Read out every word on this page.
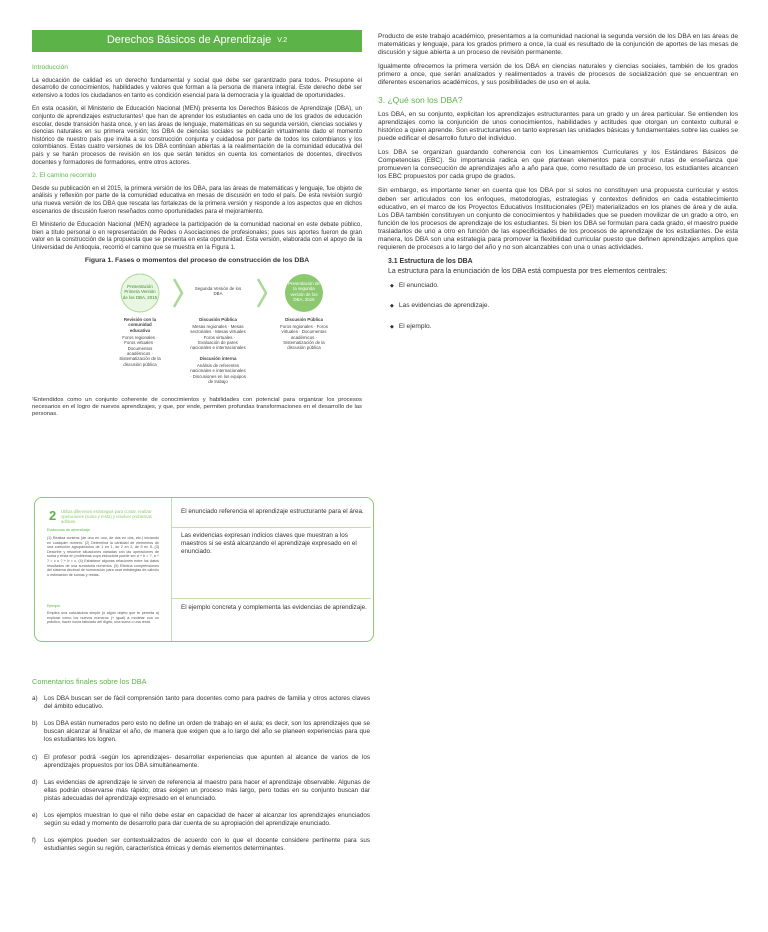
Derechos Básicos de Aprendizaje V.2
Introducción

La educación de calidad es un derecho fundamental y social que debe ser garantizado para todos. Presupone el desarrollo de conocimientos, habilidades y valores que forman a la persona de manera integral. Este derecho debe ser extensivo a todos los ciudadanos en tanto es condición esencial para la democracia y la igualdad de oportunidades.

En esta ocasión, el Ministerio de Educación Nacional (MEN) presenta los Derechos Básicos de Aprendizaje (DBA), un conjunto de aprendizajes estructurantes¹ que han de aprender los estudiantes en cada uno de los grados de educación escolar, desde transición hasta once, y en las áreas de lenguaje, matemáticas en su segunda versión, ciencias sociales y ciencias naturales en su primera versión; los DBA de ciencias sociales se publicarán virtualmente dado el momento histórico de nuestro país que invita a su construcción conjunta y cuidadosa por parte de todos los colombianos y los colombianos. Estas cuatro versiones de los DBA continúan abiertas a la realimentación de la comunidad educativa del país y se harán procesos de revisión en los que serán tenidos en cuenta los comentarios de docentes, directivos docentes y formadores de formadores, entre otros actores.

2. El camino recorrido

Desde su publicación en el 2015, la primera versión de los DBA, para las áreas de matemáticas y lenguaje, fue objeto de análisis y reflexión por parte de la comunidad educativa en mesas de discusión en todo el país. De esta revisión surgió una nueva versión de los DBA que rescata las fortalezas de la primera versión y responde a los aspectos que en dichos escenarios de discusión fueron reseñados como oportunidades para el mejoramiento.

El Ministerio de Educación Nacional (MEN) agradece la participación de la comunidad nacional en este debate público, bien a título personal o en representación de Redes o Asociaciones de profesionales; pues sus aportes fueron de gran valor en la construcción de la propuesta que se presenta en esta oportunidad. Esta versión, elaborada con el apoyo de la Universidad de Antioquia, recorrió el camino que se muestra en la Figura 1.

Figura 1. Fases o momentos del proceso de construcción de los DBA
Presentación Primera Versión de los DBA, 2015
Segunda Versión de los DBA
Presentación de la segunda versión de los DBA, 2016
Revisión con la comunidad educativa
Foros regionales · Foros virtuales · Documentos académicos · Sistematización de la discusión pública
Discusión Pública
Mesas regionales · Mesas sectoriales · Mesas virtuales · Foros virtuales · Evaluación de pares nacionales e internacionales
Discusión interna
Análisis de referentes nacionales e internacionales · Discusiones en los equipos de trabajo
Discusión Pública
Foros regionales · Foros virtuales · Documentos académicos · Sistematización de la discusión pública
¹Entendidos como un conjunto coherente de conocimientos y habilidades con potencial para organizar los procesos necesarios en el logro de nuevos aprendizajes, y que, por ende, permiten profundas transformaciones en el desarrollo de las personas.

Producto de este trabajo académico, presentamos a la comunidad nacional la segunda versión de los DBA en las áreas de matemáticas y lenguaje, para los grados primero a once, la cual es resultado de la conjunción de aportes de las mesas de discusión y sigue abierta a un proceso de revisión permanente.

Igualmente ofrecemos la primera versión de los DBA en ciencias naturales y ciencias sociales, también de los grados primero a once, que serán analizados y realimentados a través de procesos de socialización que se encuentran en diferentes escenarios académicos, y sus posibilidades de uso en el aula.

3. ¿Qué son los DBA?

Los DBA, en su conjunto, explicitan los aprendizajes estructurantes para un grado y un área particular. Se entienden los aprendizajes como la conjunción de unos conocimientos, habilidades y actitudes que otorgan un contexto cultural e histórico a quien aprende. Son estructurantes en tanto expresan las unidades básicas y fundamentales sobre las cuales se puede edificar el desarrollo futuro del individuo.

Los DBA se organizan guardando coherencia con los Lineamientos Curriculares y los Estándares Básicos de Competencias (EBC). Su importancia radica en que plantean elementos para construir rutas de enseñanza que promueven la consecución de aprendizajes año a año para que, como resultado de un proceso, los estudiantes alcancen los EBC propuestos por cada grupo de grados.

Sin embargo, es importante tener en cuenta que los DBA por sí solos no constituyen una propuesta curricular y estos deben ser articulados con los enfoques, metodologías, estrategias y contextos definidos en cada establecimiento educativo, en el marco de los Proyectos Educativos Institucionales (PEI) materializados en los planes de área y de aula. Los DBA también constituyen un conjunto de conocimientos y habilidades que se pueden movilizar de un grado a otro, en función de los procesos de aprendizaje de los estudiantes. Si bien los DBA se formulan para cada grado, el maestro puede trasladarlos de uno a otro en función de las especificidades de los procesos de aprendizaje de los estudiantes. De esta manera, los DBA son una estrategia para promover la flexibilidad curricular puesto que definen aprendizajes amplios que requieren de procesos a lo largo del año y no son alcanzables con una o unas actividades.

3.1 Estructura de los DBA
La estructura para la enunciación de los DBA está compuesta por tres elementos centrales:
◆ El enunciado.
◆ Las evidencias de aprendizaje.
◆ El ejemplo.
2 Utiliza diferentes estrategias para contar, realizar operaciones (suma y resta) y resolver problemas aditivos.
Evidencias de aprendizaje
(1) Realiza conteos (de uno en uno, de dos en dos, etc.) iniciando en cualquier número. (2) Determina la cantidad de elementos de una colección agrupándolos de 1 en 1, de 2 en 2, de 5 en 5. (3) Describe y resuelve situaciones variadas con las operaciones de suma y resta en problemas cuya estructura puede ser a + b = ?, a + ? = c o ? + b = c. (4) Establece algunas relaciones entre los datos resultados de una sumatoria numérica. (5) Efectúa comprensiones del sistema decimal de numeración para usar estrategias de cálculo o estimación de sumas y restas.
Ejemplo
Emplea una calculadora simple (o algún objeto que te permita a) explorar cómo los nuevos números (+ igual) a modelar con un práctico, hacer novia tabulado del dígito, una suma o una resta.
El enunciado referencia el aprendizaje estructurante para el área.
Las evidencias expresan indicios claves que muestran a los maestros si se está alcanzando el aprendizaje expresado en el enunciado.
El ejemplo concreta y complementa las evidencias de aprendizaje.
Comentarios finales sobre los DBA
a)	Los DBA buscan ser de fácil comprensión tanto para docentes como para padres de familia y otros actores claves del ámbito educativo.
b)	Los DBA están numerados pero esto no define un orden de trabajo en el aula; es decir, son los aprendizajes que se buscan alcanzar al finalizar el año, de manera que exigen que a lo largo del año se planeen experiencias para que los estudiantes los logren.
c)	El profesor podrá -según los aprendizajes- desarrollar experiencias que apunten al alcance de varios de los aprendizajes propuestos por los DBA simultáneamente.
d)	Las evidencias de aprendizaje le sirven de referencia al maestro para hacer el aprendizaje observable. Algunas de ellas podrán observarse más rápido; otras exigen un proceso más largo, pero todas en su conjunto buscan dar pistas adecuadas del aprendizaje expresado en el enunciado.
e)	Los ejemplos muestran lo que el niño debe estar en capacidad de hacer al alcanzar los aprendizajes enunciados según su edad y momento de desarrollo para dar cuenta de su apropiación del aprendizaje enunciado.
f)	Los ejemplos pueden ser contextualizados de acuerdo con lo que el docente considere pertinente para sus estudiantes según su región, característica étnicas y demás elementos determinantes.
